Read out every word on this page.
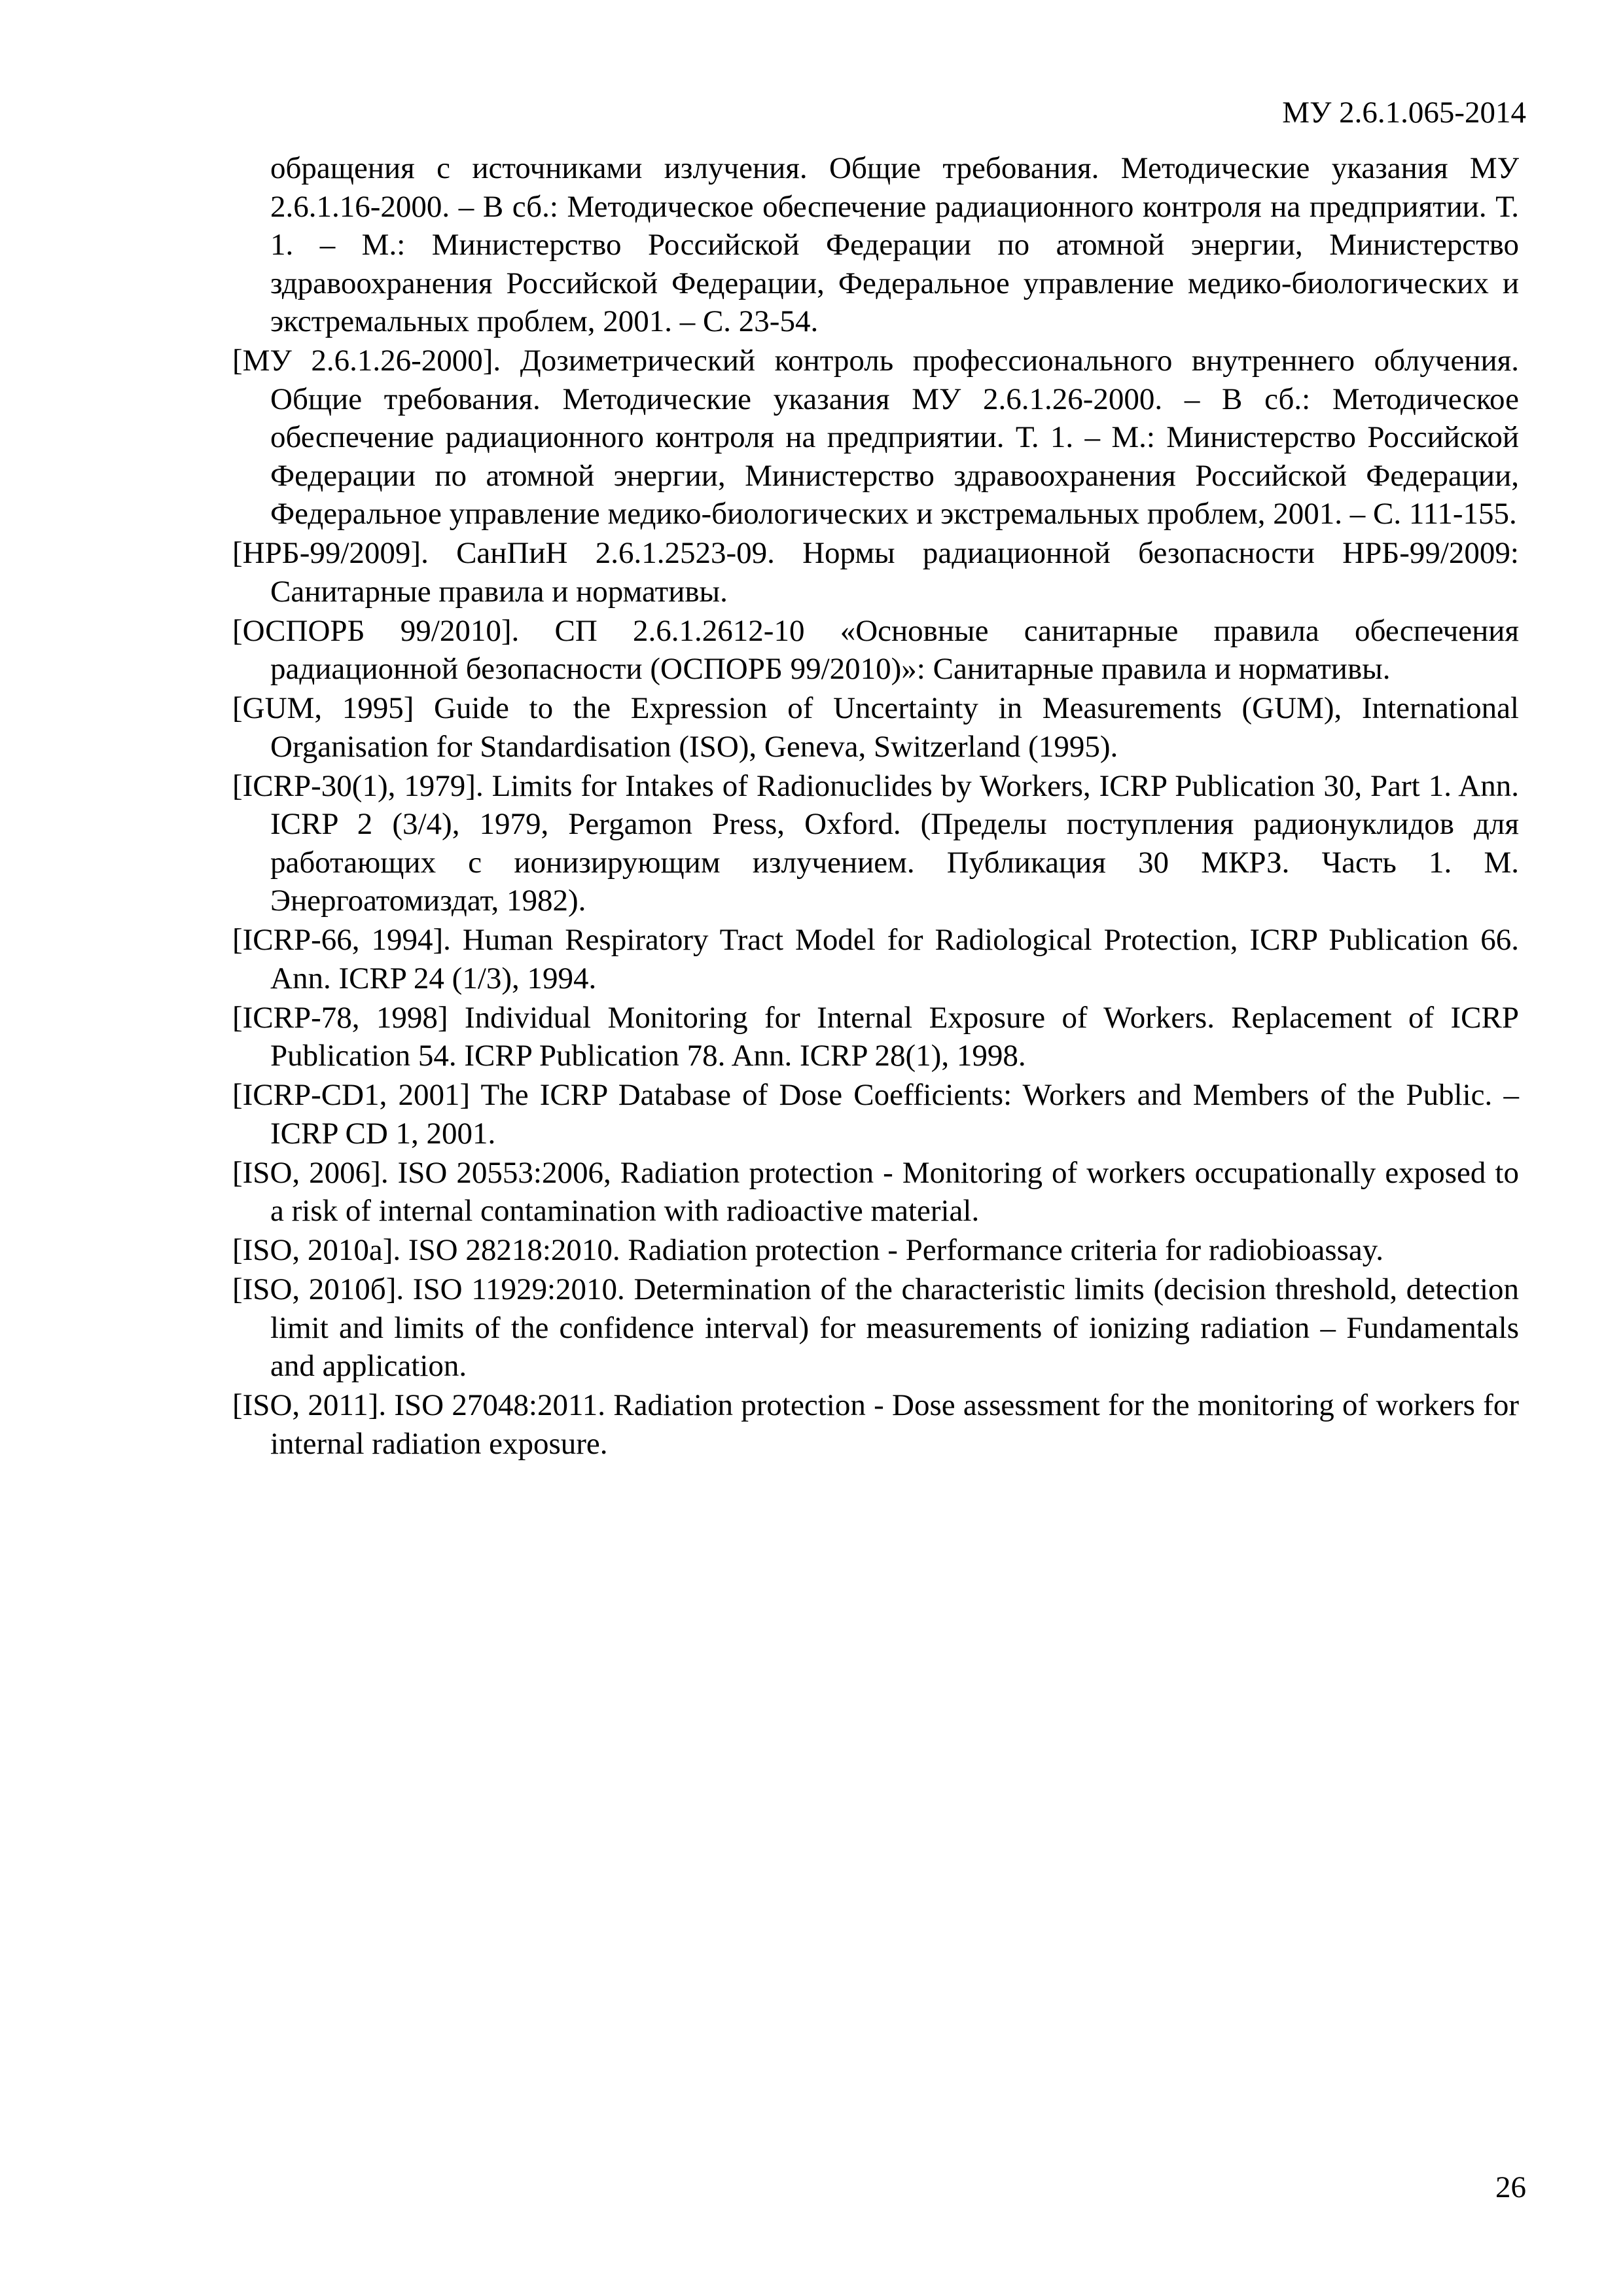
МУ 2.6.1.065-2014

обращения с источниками излучения. Общие требования. Методические указания МУ 2.6.1.16-2000. – В сб.: Методическое обеспечение радиационного контроля на предприятии. Т. 1. – М.: Министерство Российской Федерации по атомной энергии, Министерство здравоохранения Российской Федерации, Федеральное управление медико-биологических и экстремальных проблем, 2001. – С. 23-54.

[МУ 2.6.1.26-2000]. Дозиметрический контроль профессионального внутреннего облучения. Общие требования. Методические указания МУ 2.6.1.26-2000. – В сб.: Методическое обеспечение радиационного контроля на предприятии. Т. 1. – М.: Министерство Российской Федерации по атомной энергии, Министерство здравоохранения Российской Федерации, Федеральное управление медико-биологических и экстремальных проблем, 2001. – С. 111-155.

[НРБ-99/2009]. СанПиН 2.6.1.2523-09. Нормы радиационной безопасности НРБ-99/2009: Санитарные правила и нормативы.

[ОСПОРБ 99/2010]. СП 2.6.1.2612-10 «Основные санитарные правила обеспечения радиационной безопасности (ОСПОРБ 99/2010)»: Санитарные правила и нормативы.

[GUM, 1995] Guide to the Expression of Uncertainty in Measurements (GUM), International Organisation for Standardisation (ISO), Geneva, Switzerland (1995).

[ICRP-30(1), 1979]. Limits for Intakes of Radionuclides by Workers, ICRP Publication 30, Part 1. Ann. ICRP 2 (3/4), 1979, Pergamon Press, Oxford. (Пределы поступления радионуклидов для работающих с ионизирующим излучением. Публикация 30 МКРЗ. Часть 1. М. Энергоатомиздат, 1982).

[ICRP-66, 1994]. Human Respiratory Tract Model for Radiological Protection, ICRP Publication 66. Ann. ICRP 24 (1/3), 1994.

[ICRP-78, 1998] Individual Monitoring for Internal Exposure of Workers. Replacement of ICRP Publication 54. ICRP Publication 78. Ann. ICRP 28(1), 1998.

[ICRP-CD1, 2001] The ICRP Database of Dose Coefficients: Workers and Members of the Public. – ICRP CD 1, 2001.

[ISO, 2006]. ISO 20553:2006, Radiation protection - Monitoring of workers occupationally exposed to a risk of internal contamination with radioactive material.

[ISO, 2010а]. ISO 28218:2010. Radiation protection - Performance criteria for radiobioassay.

[ISO, 2010б]. ISO 11929:2010. Determination of the characteristic limits (decision threshold, detection limit and limits of the confidence interval) for measurements of ionizing radiation – Fundamentals and application.

[ISO, 2011]. ISO 27048:2011. Radiation protection - Dose assessment for the monitoring of workers for internal radiation exposure.

26
